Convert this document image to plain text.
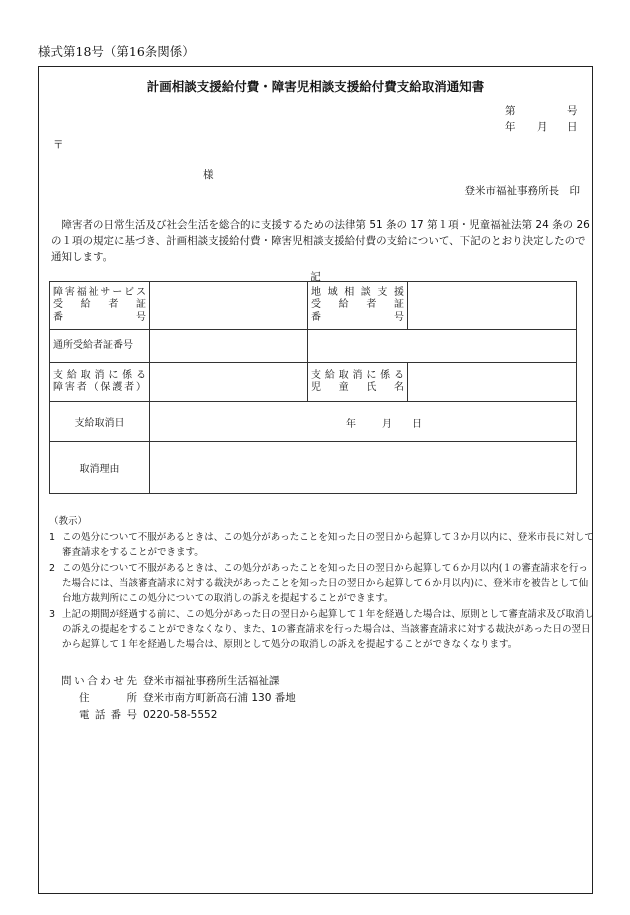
様式第18号（第16条関係）
計画相談支援給付費・障害児相談支援給付費支給取消通知書
第	号
年 月 日
〒
様
登米市福祉事務所長　印
障害者の日常生活及び社会生活を総合的に支援するための法律第 51 条の 17 第１項・児童福祉法第 24 条の 26 の１項の規定に基づき、計画相談支援給付費・障害児相談支援給付費の支給について、下記のとおり決定したので通知します。
記
障害福祉サービス
受給者証
番号		地域相談支援
受給者証
番号	

通所受給者証番号		

支給取消に係る
障害者（保護者）		支給取消に係る
児童氏名	

支給取消日	年 月 日		

取消理由			
（教示）
1 この処分について不服があるときは、この処分があったことを知った日の翌日から起算して３か月以内に、登米市長に対して審査請求をすることができます。
2 この処分について不服があるときは、この処分があったことを知った日の翌日から起算して６か月以内(１の審査請求を行った場合には、当該審査請求に対する裁決があったことを知った日の翌日から起算して６か月以内)に、登米市を被告として仙台地方裁判所にこの処分についての取消しの訴えを提起することができます。
3 上記の期間が経過する前に、この処分があった日の翌日から起算して１年を経過した場合は、原則として審査請求及び取消しの訴えの提起をすることができなくなり、また、1の審査請求を行った場合は、当該審査請求に対する裁決があった日の翌日から起算して１年を経過した場合は、原則として処分の取消しの訴えを提起することができなくなります。
問い合わせ先 登米市福祉事務所生活福祉課
住所 登米市南方町新高石浦 130 番地
電話番号 0220-58-5552
